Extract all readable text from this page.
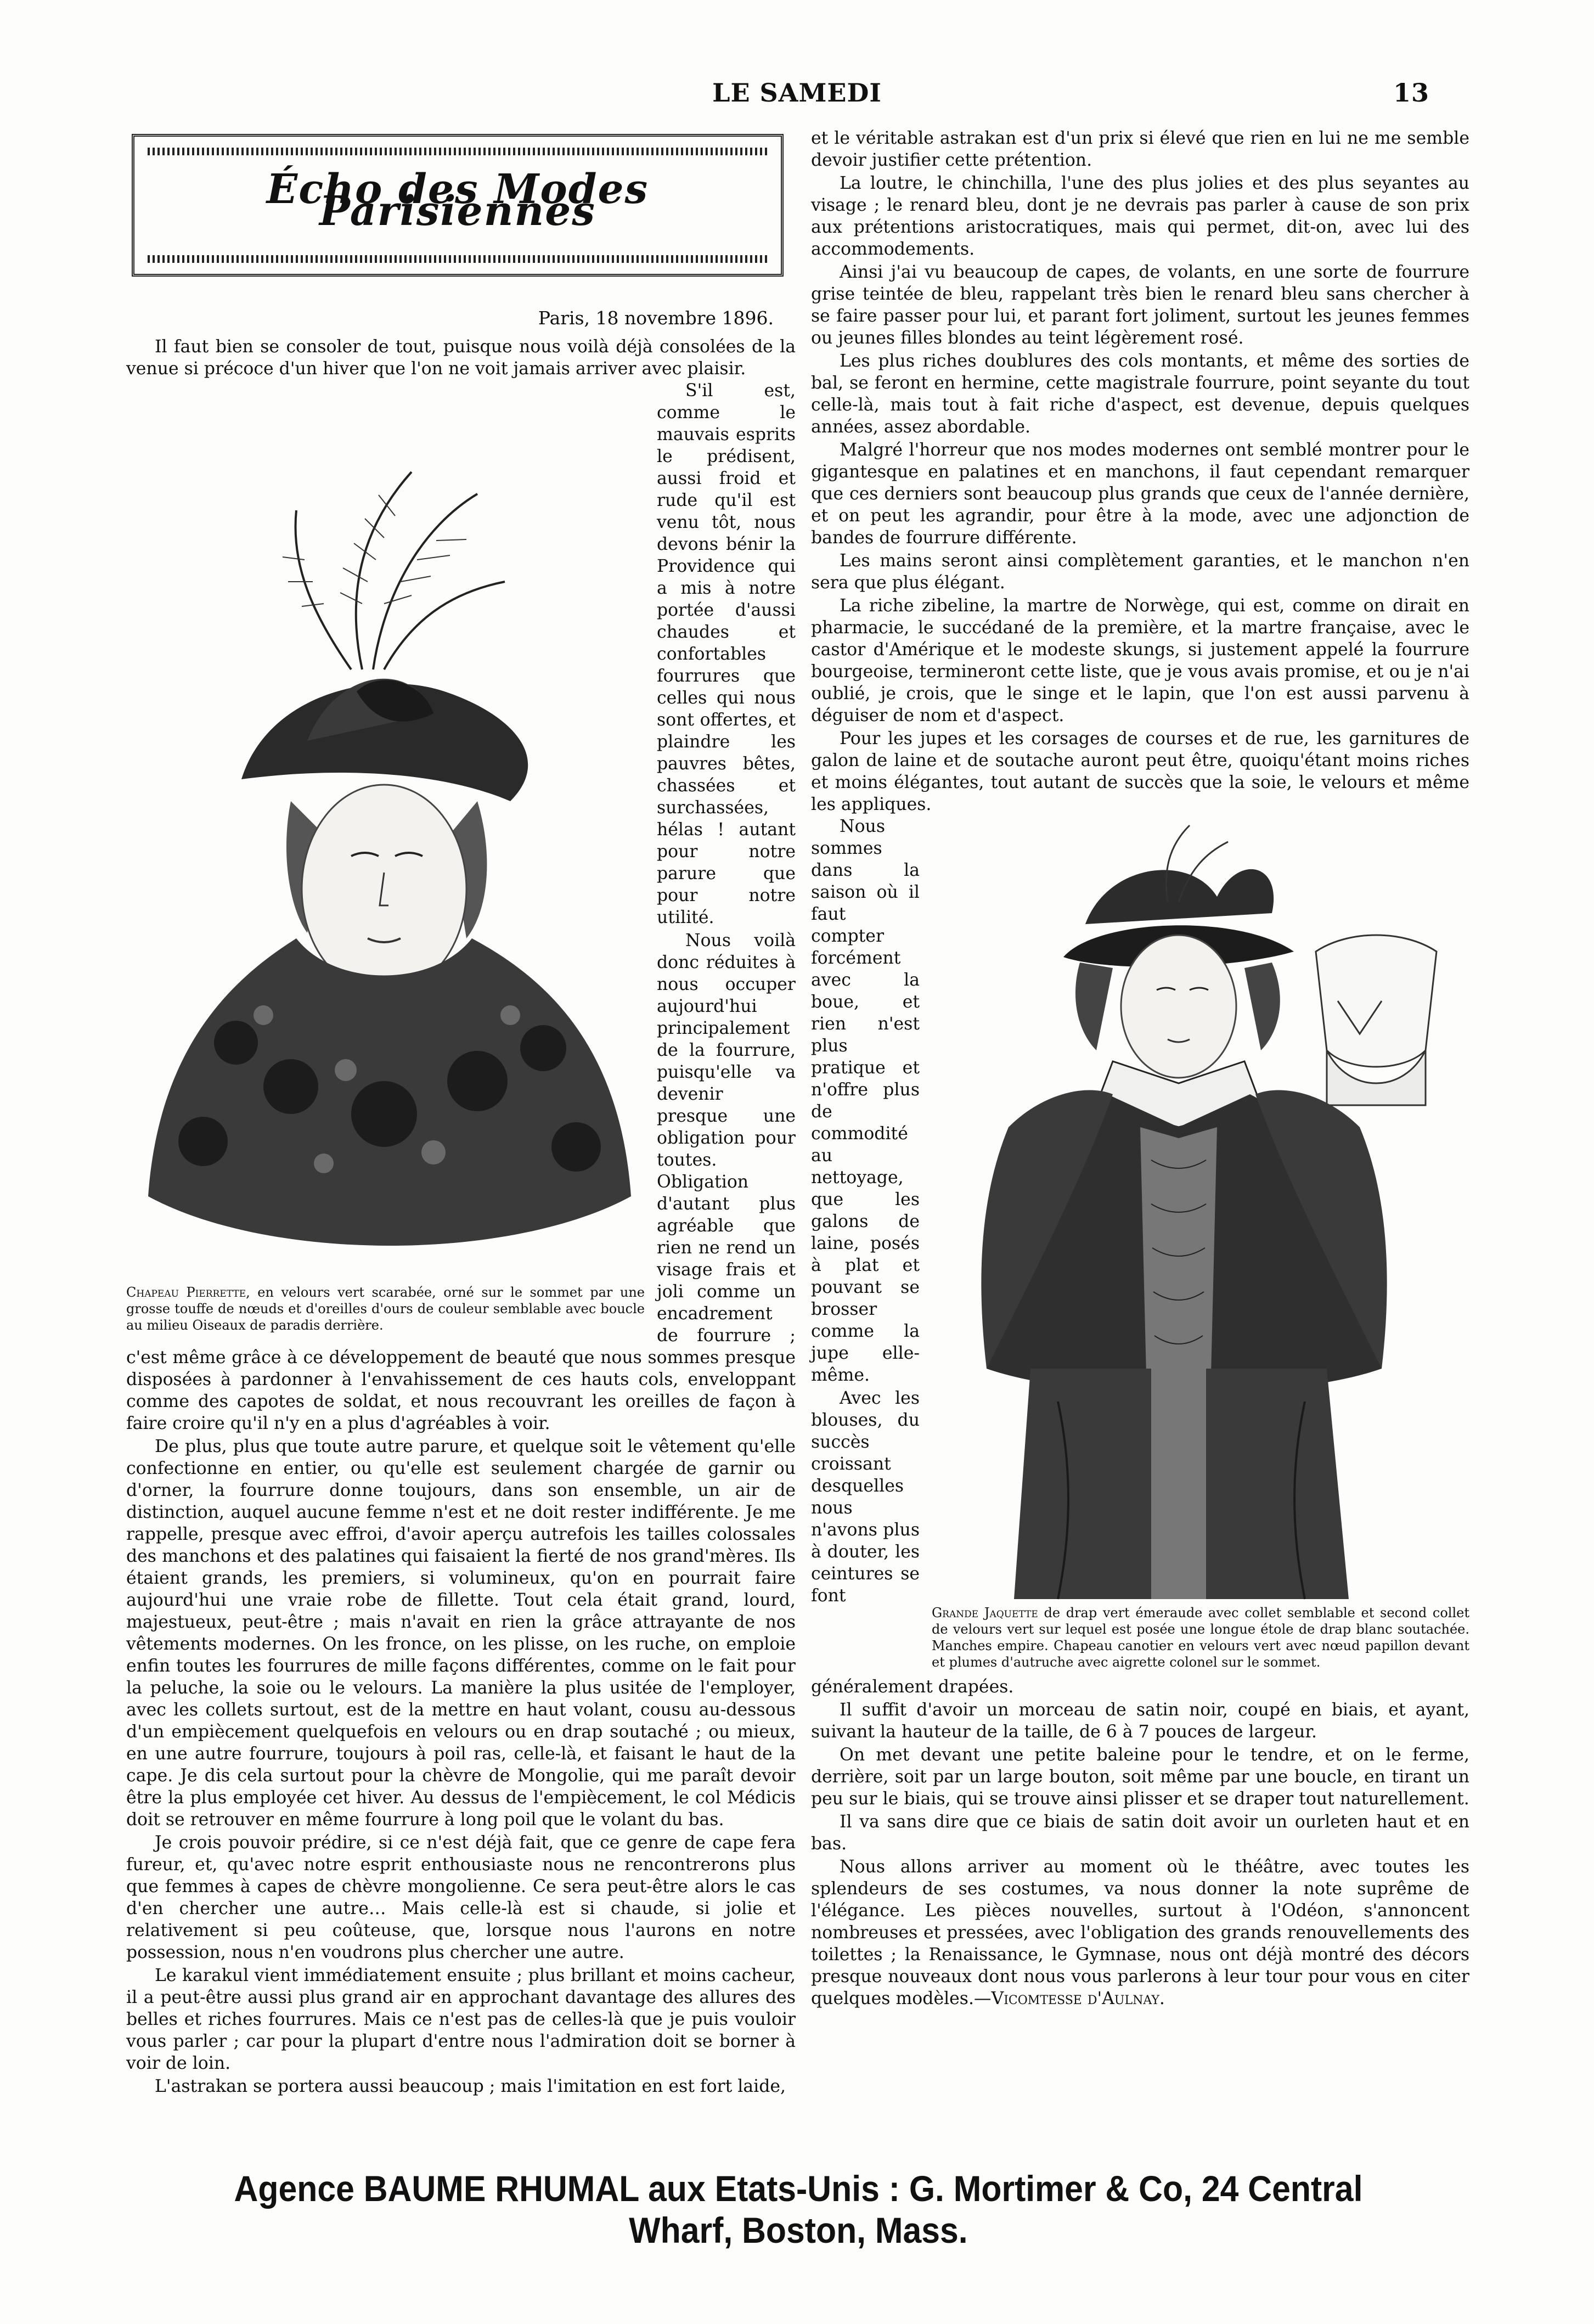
LE SAMEDI	13
Écho des Modes Parisiennes
Paris, 18 novembre 1896.

Il faut bien se consoler de tout, puisque nous voilà déjà consolées de la venue si précoce d'un hiver que l'on ne voit jamais arriver avec plaisir.

Chapeau Pierrette, en velours vert scarabée, orné sur le sommet par une grosse touffe de nœuds et d'oreilles d'ours de couleur semblable avec boucle au milieu Oiseaux de paradis derrière.

S'il est, comme le mauvais esprits le prédisent, aussi froid et rude qu'il est venu tôt, nous devons bénir la Providence qui a mis à notre portée d'aussi chaudes et confortables fourrures que celles qui nous sont offertes, et plaindre les pauvres bêtes, chassées et surchassées, hélas ! autant pour notre parure que pour notre utilité.

Nous voilà donc réduites à nous occuper aujourd'hui principalement de la fourrure, puisqu'elle va devenir presque une obligation pour toutes. Obligation d'autant plus agréable que rien ne rend un visage frais et joli comme un encadrement de fourrure ; c'est même grâce à ce développement de beauté que nous sommes presque disposées à pardonner à l'envahissement de ces hauts cols, enveloppant comme des capotes de soldat, et nous recouvrant les oreilles de façon à faire croire qu'il n'y en a plus d'agréables à voir.

De plus, plus que toute autre parure, et quelque soit le vêtement qu'elle confectionne en entier, ou qu'elle est seulement chargée de garnir ou d'orner, la fourrure donne toujours, dans son ensemble, un air de distinction, auquel aucune femme n'est et ne doit rester indifférente. Je me rappelle, presque avec effroi, d'avoir aperçu autrefois les tailles colossales des manchons et des palatines qui faisaient la fierté de nos grand'mères. Ils étaient grands, les premiers, si volumineux, qu'on en pourrait faire aujourd'hui une vraie robe de fillette. Tout cela était grand, lourd, majestueux, peut-être ; mais n'avait en rien la grâce attrayante de nos vêtements modernes. On les fronce, on les plisse, on les ruche, on emploie enfin toutes les fourrures de mille façons différentes, comme on le fait pour la peluche, la soie ou le velours. La manière la plus usitée de l'employer, avec les collets surtout, est de la mettre en haut volant, cousu au-dessous d'un empiècement quelquefois en velours ou en drap soutaché ; ou mieux, en une autre fourrure, toujours à poil ras, celle-là, et faisant le haut de la cape. Je dis cela surtout pour la chèvre de Mongolie, qui me paraît devoir être la plus employée cet hiver. Au dessus de l'empiècement, le col Médicis doit se retrouver en même fourrure à long poil que le volant du bas.

Je crois pouvoir prédire, si ce n'est déjà fait, que ce genre de cape fera fureur, et, qu'avec notre esprit enthousiaste nous ne rencontrerons plus que femmes à capes de chèvre mongolienne. Ce sera peut-être alors le cas d'en chercher une autre… Mais celle-là est si chaude, si jolie et relativement si peu coûteuse, que, lorsque nous l'aurons en notre possession, nous n'en voudrons plus chercher une autre.

Le karakul vient immédiatement ensuite ; plus brillant et moins cacheur, il a peut-être aussi plus grand air en approchant davantage des allures des belles et riches fourrures. Mais ce n'est pas de celles-là que je puis vouloir vous parler ; car pour la plupart d'entre nous l'admiration doit se borner à voir de loin.

L'astrakan se portera aussi beaucoup ; mais l'imitation en est fort laide,

et le véritable astrakan est d'un prix si élevé que rien en lui ne me semble devoir justifier cette prétention.

La loutre, le chinchilla, l'une des plus jolies et des plus seyantes au visage ; le renard bleu, dont je ne devrais pas parler à cause de son prix aux prétentions aristocratiques, mais qui permet, dit-on, avec lui des accommodements.

Ainsi j'ai vu beaucoup de capes, de volants, en une sorte de fourrure grise teintée de bleu, rappelant très bien le renard bleu sans chercher à se faire passer pour lui, et parant fort joliment, surtout les jeunes femmes ou jeunes filles blondes au teint légèrement rosé.

Les plus riches doublures des cols montants, et même des sorties de bal, se feront en hermine, cette magistrale fourrure, point seyante du tout celle-là, mais tout à fait riche d'aspect, est devenue, depuis quelques années, assez abordable.

Malgré l'horreur que nos modes modernes ont semblé montrer pour le gigantesque en palatines et en manchons, il faut cependant remarquer que ces derniers sont beaucoup plus grands que ceux de l'année dernière, et on peut les agrandir, pour être à la mode, avec une adjonction de bandes de fourrure différente.

Les mains seront ainsi complètement garanties, et le manchon n'en sera que plus élégant.

La riche zibeline, la martre de Norwège, qui est, comme on dirait en pharmacie, le succédané de la première, et la martre française, avec le castor d'Amérique et le modeste skungs, si justement appelé la fourrure bourgeoise, termineront cette liste, que je vous avais promise, et ou je n'ai oublié, je crois, que le singe et le lapin, que l'on est aussi parvenu à déguiser de nom et d'aspect.

Pour les jupes et les corsages de courses et de rue, les garnitures de galon de laine et de soutache auront peut être, quoiqu'étant moins riches et moins élégantes, tout autant de succès que la soie, le velours et même les appliques.

Grande Jaquette de drap vert émeraude avec collet semblable et second collet de velours vert sur lequel est posée une longue étole de drap blanc soutachée. Manches empire. Chapeau canotier en velours vert avec nœud papillon devant et plumes d'autruche avec aigrette colonel sur le sommet.

Nous sommes dans la saison où il faut compter forcément avec la boue, et rien n'est plus pratique et n'offre plus de commodité au nettoyage, que les galons de laine, posés à plat et pouvant se brosser comme la jupe elle-même.

Avec les blouses, du succès croissant desquelles nous n'avons plus à douter, les ceintures se font généralement drapées.

Il suffit d'avoir un morceau de satin noir, coupé en biais, et ayant, suivant la hauteur de la taille, de 6 à 7 pouces de largeur.

On met devant une petite baleine pour le tendre, et on le ferme, derrière, soit par un large bouton, soit même par une boucle, en tirant un peu sur le biais, qui se trouve ainsi plisser et se draper tout naturellement.

Il va sans dire que ce biais de satin doit avoir un ourleten haut et en bas.

Nous allons arriver au moment où le théâtre, avec toutes les splendeurs de ses costumes, va nous donner la note suprême de l'élégance. Les pièces nouvelles, surtout à l'Odéon, s'annoncent nombreuses et pressées, avec l'obligation des grands renouvellements des toilettes ; la Renaissance, le Gymnase, nous ont déjà montré des décors presque nouveaux dont nous vous parlerons à leur tour pour vous en citer quelques modèles.—Vicomtesse d'Aulnay.

Agence BAUME RHUMAL aux Etats-Unis : G. Mortimer & Co, 24 Central Wharf, Boston, Mass.
